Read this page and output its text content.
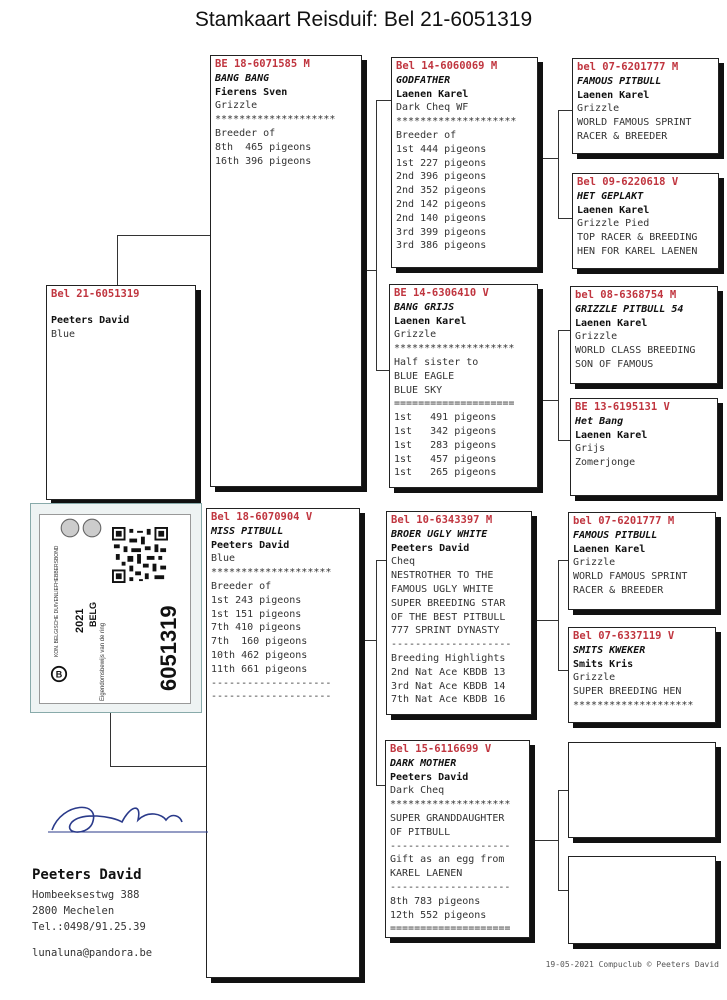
Stamkaart Reisduif: Bel 21-6051319
Bel 21-6051319
Peeters David
Blue
BE 18-6071585 M
BANG BANG
Fierens Sven
Grizzle
********************
Breeder of
8th  465 pigeons
16th 396 pigeons
Bel 18-6070904 V
MISS PITBULL
Peeters David
Blue
********************
Breeder of
1st 243 pigeons
1st 151 pigeons
7th 410 pigeons
7th  160 pigeons
10th 462 pigeons
11th 661 pigeons
--------------------
--------------------
Bel 14-6060069 M
GODFATHER
Laenen Karel
Dark Cheq WF
********************
Breeder of
1st 444 pigeons
1st 227 pigeons
2nd 396 pigeons
2nd 352 pigeons
2nd 142 pigeons
2nd 140 pigeons
3rd 399 pigeons
3rd 386 pigeons
BE 14-6306410 V
BANG GRIJS
Laenen Karel
Grizzle
********************
Half sister to
BLUE EAGLE
BLUE SKY
====================
1st   491 pigeons
1st   342 pigeons
1st   283 pigeons
1st   457 pigeons
1st   265 pigeons
Bel 10-6343397 M
BROER UGLY WHITE
Peeters David
Cheq
NESTROTHER TO THE
FAMOUS UGLY WHITE
SUPER BREEDING STAR
OF THE BEST PITBULL
777 SPRINT DYNASTY
--------------------
Breeding Highlights
2nd Nat Ace KBDB 13
3rd Nat Ace KBDB 14
7th Nat Ace KBDB 16
Bel 15-6116699 V
DARK MOTHER
Peeters David
Dark Cheq
********************
SUPER GRANDDAUGHTER
OF PITBULL
--------------------
Gift as an egg from
KAREL LAENEN
--------------------
8th 783 pigeons
12th 552 pigeons
====================
bel 07-6201777 M
FAMOUS PITBULL
Laenen Karel
Grizzle
WORLD FAMOUS SPRINT
RACER & BREEDER
Bel 09-6220618 V
HET GEPLAKT
Laenen Karel
Grizzle Pied
TOP RACER & BREEDING
HEN FOR KAREL LAENEN
bel 08-6368754 M
GRIZZLE PITBULL 54
Laenen Karel
Grizzle
WORLD CLASS BREEDING
SON OF FAMOUS
BE 13-6195131 V
Het Bang
Laenen Karel
Grijs
Zomerjonge
bel 07-6201777 M
FAMOUS PITBULL
Laenen Karel
Grizzle
WORLD FAMOUS SPRINT
RACER & BREEDER
Bel 07-6337119 V
SMITS KWEKER
Smits Kris
Grizzle
SUPER BREEDING HEN
********************
B
2021 BELG
KON. BELGISCHE DUIVENLIEFHEBBERSBOND
Eigendomsbewijs van de ring 6051319
Peeters David
Hombeeksestwg 388
2800 Mechelen
Tel.:0498/91.25.39
lunaluna@pandora.be
19-05-2021 Compuclub © Peeters David
